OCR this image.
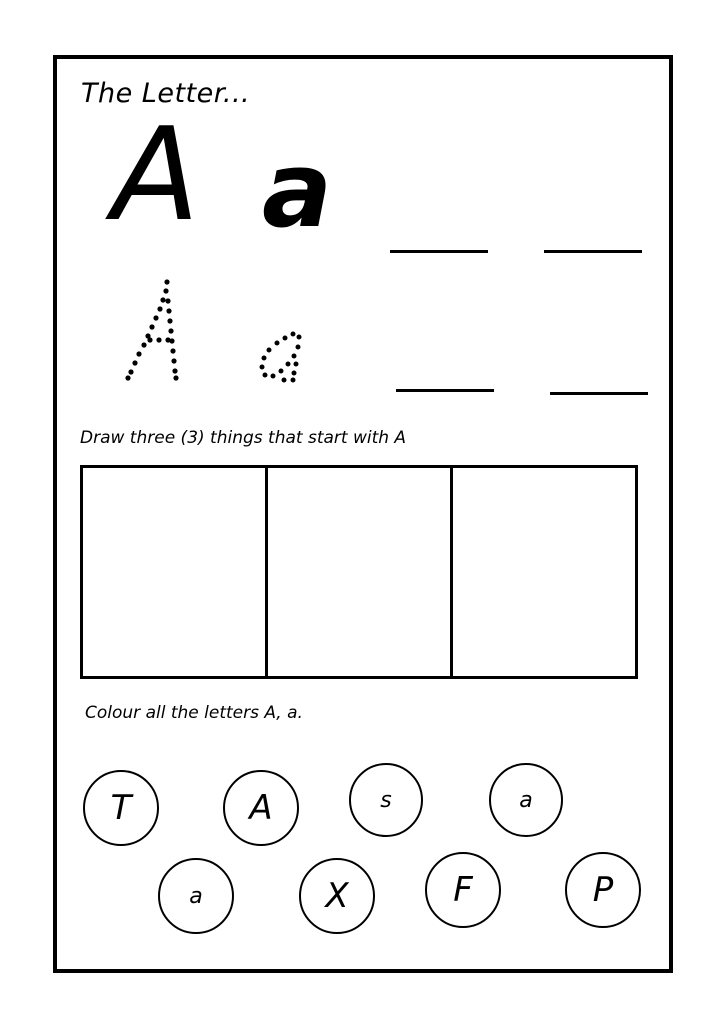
The Letter...
A a
Draw three (3) things that start with A
Colour all the letters A, a.
T	A	s	a
a	X	F	P
